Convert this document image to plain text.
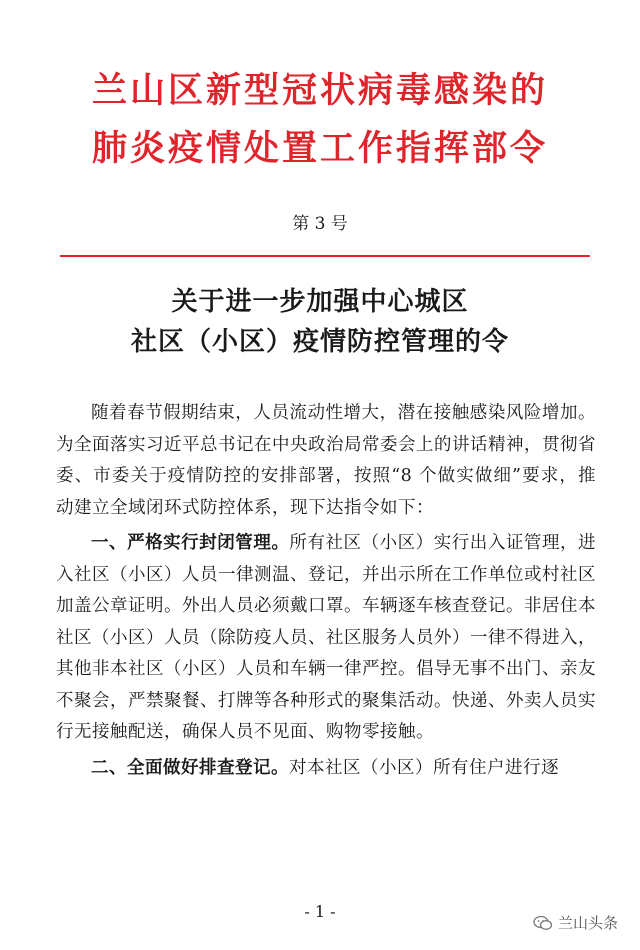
兰山区新型冠状病毒感染的
肺炎疫情处置工作指挥部令
第 3 号
关于进一步加强中心城区
社区（小区）疫情防控管理的令

随着春节假期结束，人员流动性增大，潜在接触感染风险增加。为全面落实习近平总书记在中央政治局常委会上的讲话精神，贯彻省委、市委关于疫情防控的安排部署，按照“8 个做实做细”要求，推动建立全域闭环式防控体系，现下达指令如下：

一、严格实行封闭管理。所有社区（小区）实行出入证管理，进入社区（小区）人员一律测温、登记，并出示所在工作单位或村社区加盖公章证明。外出人员必须戴口罩。车辆逐车核查登记。非居住本社区（小区）人员（除防疫人员、社区服务人员外）一律不得进入，其他非本社区（小区）人员和车辆一律严控。倡导无事不出门、亲友不聚会，严禁聚餐、打牌等各种形式的聚集活动。快递、外卖人员实行无接触配送，确保人员不见面、购物零接触。

二、全面做好排查登记。对本社区（小区）所有住户进行逐

- 1 -
兰山头条
